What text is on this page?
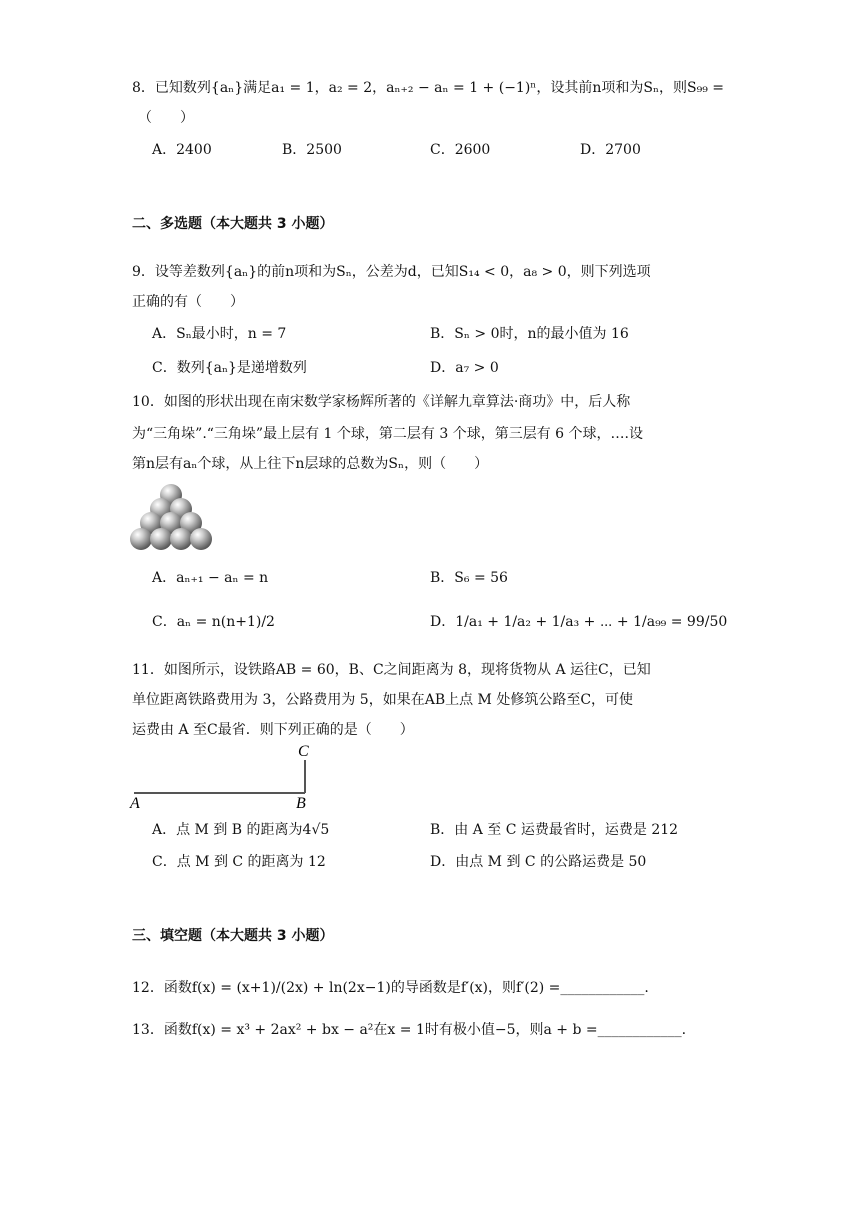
8．已知数列{aₙ}满足a₁ = 1，a₂ = 2，aₙ₊₂ − aₙ = 1 + (−1)ⁿ，设其前n项和为Sₙ，则S₉₉ =
（　　）
A．2400	B．2500	C．2600	D．2700
二、多选题（本大题共 3 小题）
9．设等差数列{aₙ}的前n项和为Sₙ，公差为d，已知S₁₄ < 0，a₈ > 0，则下列选项
正确的有（　　）
A．Sₙ最小时，n = 7	B．Sₙ > 0时，n的最小值为 16
C．数列{aₙ}是递增数列	D．a₇ > 0
10．如图的形状出现在南宋数学家杨辉所著的《详解九章算法·商功》中，后人称
为“三角垛”.“三角垛”最上层有 1 个球，第二层有 3 个球，第三层有 6 个球，….设
第n层有aₙ个球，从上往下n层球的总数为Sₙ，则（　　）
A．aₙ₊₁ − aₙ = n	B．S₆ = 56
C．aₙ = n(n+1)/2	D．1/a₁ + 1/a₂ + 1/a₃ + ⋯ + 1/a₉₉ = 99/50
11．如图所示，设铁路AB = 60，B、C之间距离为 8，现将货物从 A 运往C，已知
单位距离铁路费用为 3，公路费用为 5，如果在AB上点 M 处修筑公路至C，可使
运费由 A 至C最省．则下列正确的是（　　）
A	B
C
A．点 M 到 B 的距离为4√5	B．由 A 至 C 运费最省时，运费是 212
C．点 M 到 C 的距离为 12	D．由点 M 到 C 的公路运费是 50
三、填空题（本大题共 3 小题）
12．函数f(x) = (x+1)/(2x) + ln(2x−1)的导函数是f′(x)，则f′(2) =____________.
13．函数f(x) = x³ + 2ax² + bx − a²在x = 1时有极小值−5，则a + b =____________.
